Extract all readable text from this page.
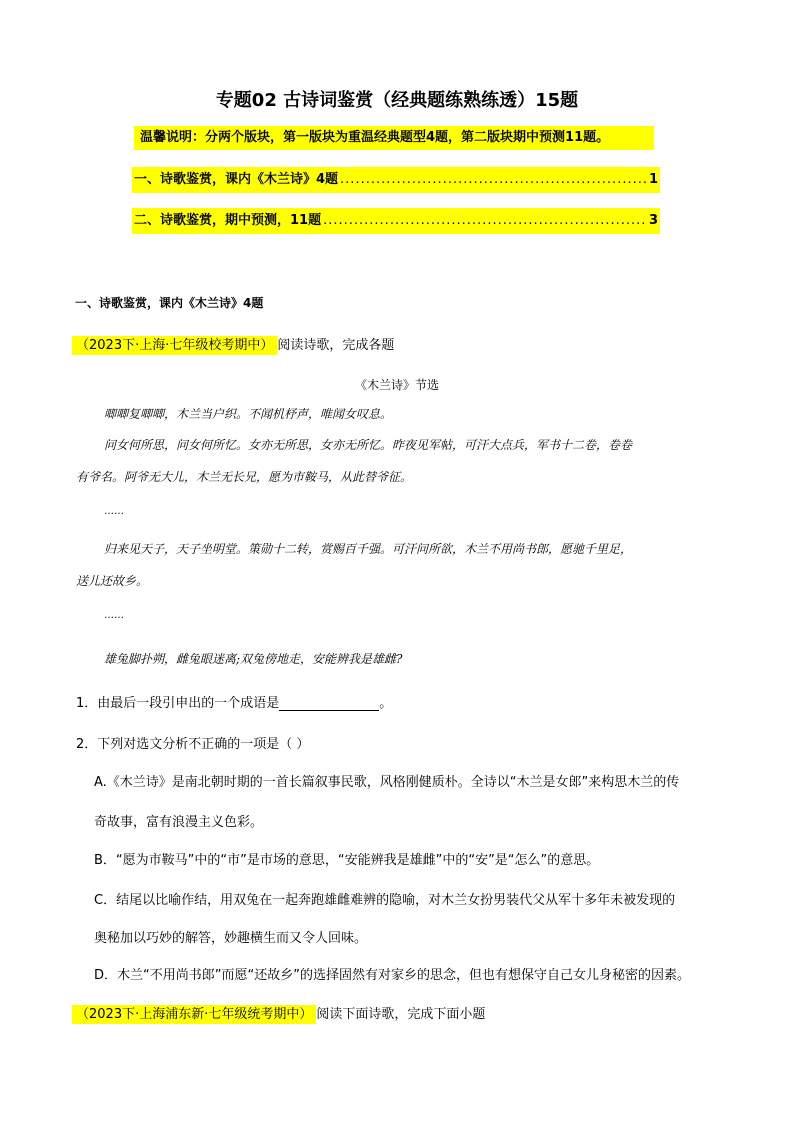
专题02 古诗词鉴赏（经典题练熟练透）15题
温馨说明：分两个版块，第一版块为重温经典题型4题，第二版块期中预测11题。
一、诗歌鉴赏，课内《木兰诗》4题 .....	1
二、诗歌鉴赏，期中预测，11题 .....	3
一、诗歌鉴赏，课内《木兰诗》4题
（2023下·上海·七年级校考期中） 阅读诗歌，完成各题
《木兰诗》节选
唧唧复唧唧，木兰当户织。不闻机杼声，唯闻女叹息。
问女何所思，问女何所忆。女亦无所思，女亦无所忆。昨夜见军帖，可汗大点兵，军书十二卷，卷卷
有爷名。阿爷无大儿，木兰无长兄，愿为市鞍马，从此替爷征。
……
归来见天子，天子坐明堂。策勋十二转，赏赐百千强。可汗问所欲，木兰不用尚书郎，愿驰千里足，
送儿还故乡。
……
雄兔脚扑朔，雌兔眼迷离;双兔傍地走，安能辨我是雄雌?
1．由最后一段引申出的一个成语是	。
2．下列对选文分析不正确的一项是（ ）
A.《木兰诗》是南北朝时期的一首长篇叙事民歌，风格刚健质朴。全诗以“木兰是女郎”来构思木兰的传
奇故事，富有浪漫主义色彩。
B．“愿为市鞍马”中的“市”是市场的意思，“安能辨我是雄雌”中的“安”是“怎么”的意思。
C．结尾以比喻作结，用双兔在一起奔跑雄雌难辨的隐喻，对木兰女扮男装代父从军十多年未被发现的
奥秘加以巧妙的解答，妙趣横生而又令人回味。
D．木兰“不用尚书郎”而愿“还故乡”的选择固然有对家乡的思念，但也有想保守自己女儿身秘密的因素。
（2023下·上海浦东新·七年级统考期中） 阅读下面诗歌，完成下面小题
